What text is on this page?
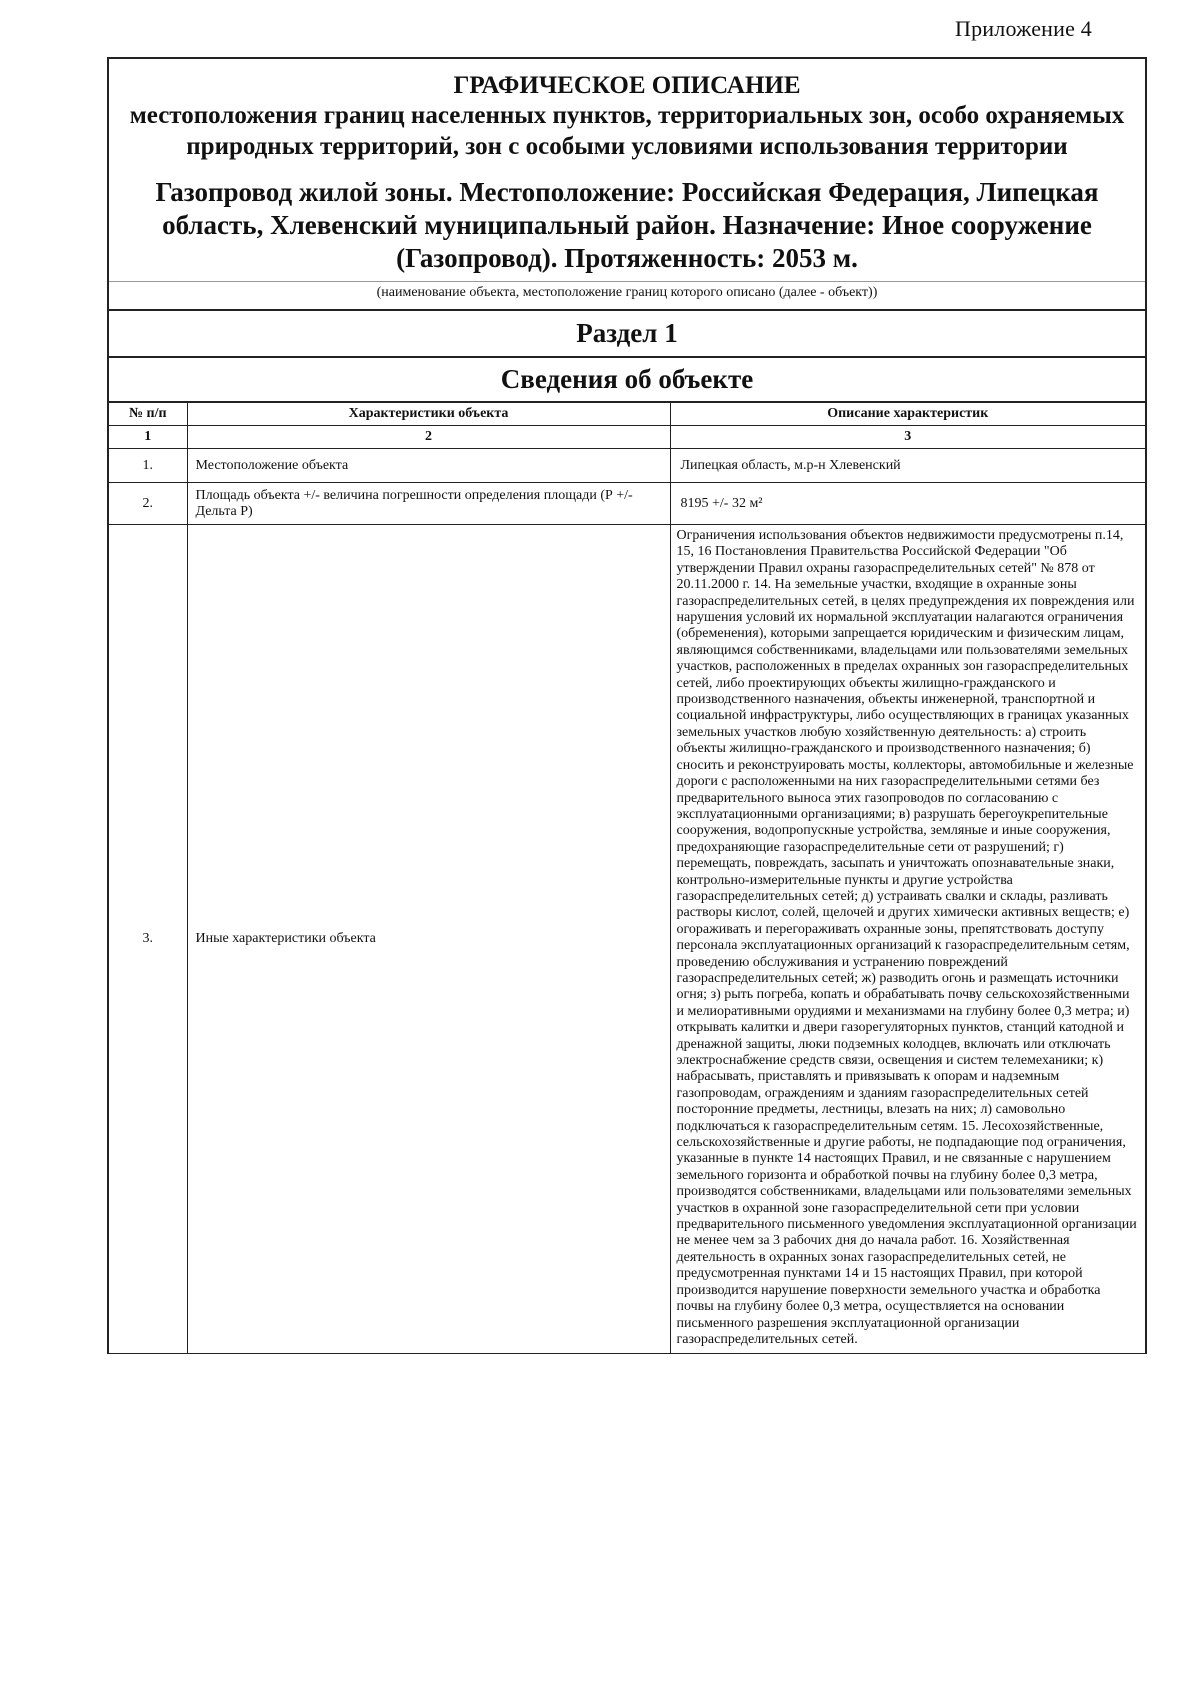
Приложение 4
ГРАФИЧЕСКОЕ ОПИСАНИЕ
местоположения границ населенных пунктов, территориальных зон, особо охраняемых природных территорий, зон с особыми условиями использования территории
Газопровод жилой зоны. Местоположение: Российская Федерация, Липецкая область, Хлевенский муниципальный район. Назначение: Иное сооружение (Газопровод). Протяженность: 2053 м.
(наименование объекта, местоположение границ которого описано (далее - объект))
Раздел 1
Сведения об объекте
№ п/п	Характеристики объекта	Описание характеристик
1	2	3
1.	Местоположение объекта	Липецкая область, м.р-н Хлевенский
2.	Площадь объекта +/- величина погрешности определения площади (Р +/- Дельта Р)	8195 +/- 32 м²
3.	Иные характеристики объекта	Ограничения использования объектов недвижимости предусмотрены п.14, 15, 16 Постановления Правительства Российской Федерации "Об утверждении Правил охраны газораспределительных сетей" № 878 от 20.11.2000 г. 14. На земельные участки, входящие в охранные зоны газораспределительных сетей, в целях предупреждения их повреждения или нарушения условий их нормальной эксплуатации налагаются ограничения (обременения), которыми запрещается юридическим и физическим лицам, являющимся собственниками, владельцами или пользователями земельных участков, расположенных в пределах охранных зон газораспределительных сетей, либо проектирующих объекты жилищно-гражданского и производственного назначения, объекты инженерной, транспортной и социальной инфраструктуры, либо осуществляющих в границах указанных земельных участков любую хозяйственную деятельность: а) строить объекты жилищно-гражданского и производственного назначения; б) сносить и реконструировать мосты, коллекторы, автомобильные и железные дороги с расположенными на них газораспределительными сетями без предварительного выноса этих газопроводов по согласованию с эксплуатационными организациями; в) разрушать берегоукрепительные сооружения, водопропускные устройства, земляные и иные сооружения, предохраняющие газораспределительные сети от разрушений; г) перемещать, повреждать, засыпать и уничтожать опознавательные знаки, контрольно-измерительные пункты и другие устройства газораспределительных сетей; д) устраивать свалки и склады, разливать растворы кислот, солей, щелочей и других химически активных веществ; е) огораживать и перегораживать охранные зоны, препятствовать доступу персонала эксплуатационных организаций к газораспределительным сетям, проведению обслуживания и устранению повреждений газораспределительных сетей; ж) разводить огонь и размещать источники огня; з) рыть погреба, копать и обрабатывать почву сельскохозяйственными и мелиоративными орудиями и механизмами на глубину более 0,3 метра; и) открывать калитки и двери газорегуляторных пунктов, станций катодной и дренажной защиты, люки подземных колодцев, включать или отключать электроснабжение средств связи, освещения и систем телемеханики; к) набрасывать, приставлять и привязывать к опорам и надземным газопроводам, ограждениям и зданиям газораспределительных сетей посторонние предметы, лестницы, влезать на них; л) самовольно подключаться к газораспределительным сетям. 15. Лесохозяйственные, сельскохозяйственные и другие работы, не подпадающие под ограничения, указанные в пункте 14 настоящих Правил, и не связанные с нарушением земельного горизонта и обработкой почвы на глубину более 0,3 метра, производятся собственниками, владельцами или пользователями земельных участков в охранной зоне газораспределительной сети при условии предварительного письменного уведомления эксплуатационной организации не менее чем за 3 рабочих дня до начала работ. 16. Хозяйственная деятельность в охранных зонах газораспределительных сетей, не предусмотренная пунктами 14 и 15 настоящих Правил, при которой производится нарушение поверхности земельного участка и обработка почвы на глубину более 0,3 метра, осуществляется на основании письменного разрешения эксплуатационной организации газораспределительных сетей.
